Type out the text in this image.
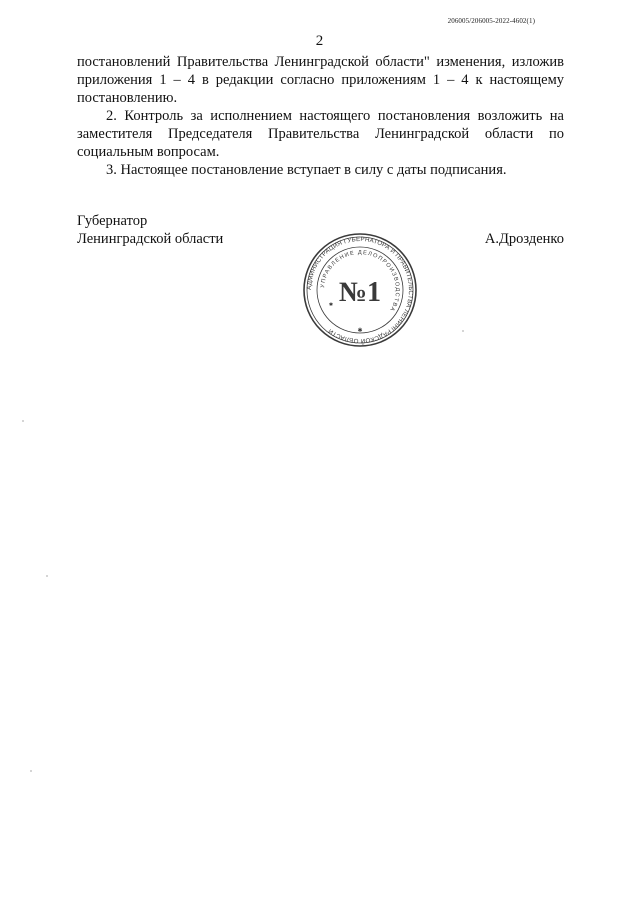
206005/206005-2022-4602(1)
2

постановлений Правительства Ленинградской области" изменения, изложив приложения 1 – 4 в редакции согласно приложениям 1 – 4 к настоящему постановлению.

2. Контроль за исполнением настоящего постановления возложить на заместителя Председателя Правительства Ленинградской области по социальным вопросам.

3. Настоящее постановление вступает в силу с даты подписания.

Губернатор
Ленинградской области	А.Дрозденко
АДМИНИСТРАЦИЯ ГУБЕРНАТОРА И ПРАВИТЕЛЬСТВА ЛЕНИНГРАДСКОЙ ОБЛАСТИ
УПРАВЛЕНИЕ ДЕЛОПРОИЗВОДСТВА
№1
✱
✱
